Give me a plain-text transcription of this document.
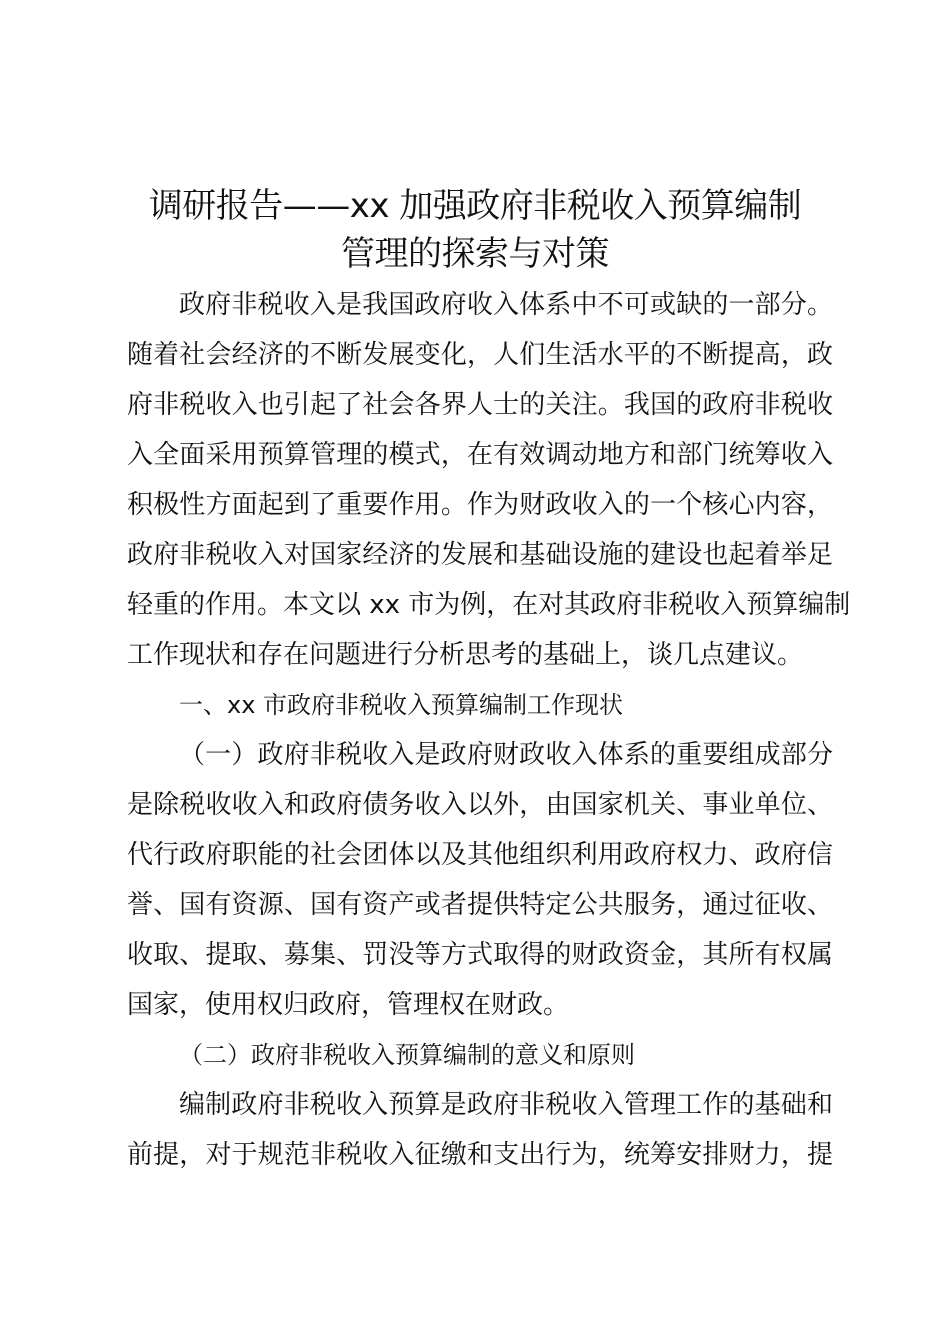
调研报告——xx 加强政府非税收入预算编制
管理的探索与对策
政府非税收入是我国政府收入体系中不可或缺的一部分。
随着社会经济的不断发展变化，人们生活水平的不断提高，政
府非税收入也引起了社会各界人士的关注。我国的政府非税收
入全面采用预算管理的模式，在有效调动地方和部门统筹收入
积极性方面起到了重要作用。作为财政收入的一个核心内容，
政府非税收入对国家经济的发展和基础设施的建设也起着举足
轻重的作用。本文以 xx 市为例，在对其政府非税收入预算编制
工作现状和存在问题进行分析思考的基础上，谈几点建议。
一、xx 市政府非税收入预算编制工作现状
（一）政府非税收入是政府财政收入体系的重要组成部分
是除税收收入和政府债务收入以外，由国家机关、事业单位、
代行政府职能的社会团体以及其他组织利用政府权力、政府信
誉、国有资源、国有资产或者提供特定公共服务，通过征收、
收取、提取、募集、罚没等方式取得的财政资金，其所有权属
国家，使用权归政府，管理权在财政。
（二）政府非税收入预算编制的意义和原则
编制政府非税收入预算是政府非税收入管理工作的基础和
前提，对于规范非税收入征缴和支出行为，统筹安排财力，提
